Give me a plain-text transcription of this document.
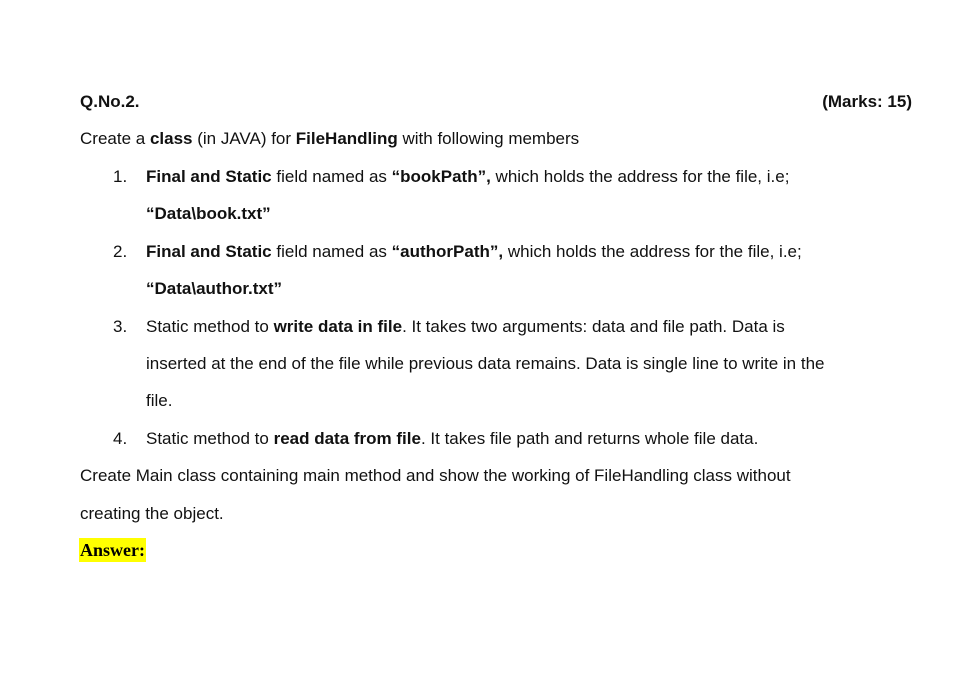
Q.No.2.	(Marks: 15)
Create a class (in JAVA) for FileHandling with following members
1. Final and Static field named as “bookPath”, which holds the address for the file, i.e;
“Data\book.txt”
2. Final and Static field named as “authorPath”, which holds the address for the file, i.e;
“Data\author.txt”
3. Static method to write data in file. It takes two arguments: data and file path. Data is
inserted at the end of the file while previous data remains. Data is single line to write in the
file.
4. Static method to read data from file. It takes file path and returns whole file data.
Create Main class containing main method and show the working of FileHandling class without
creating the object.
Answer:
